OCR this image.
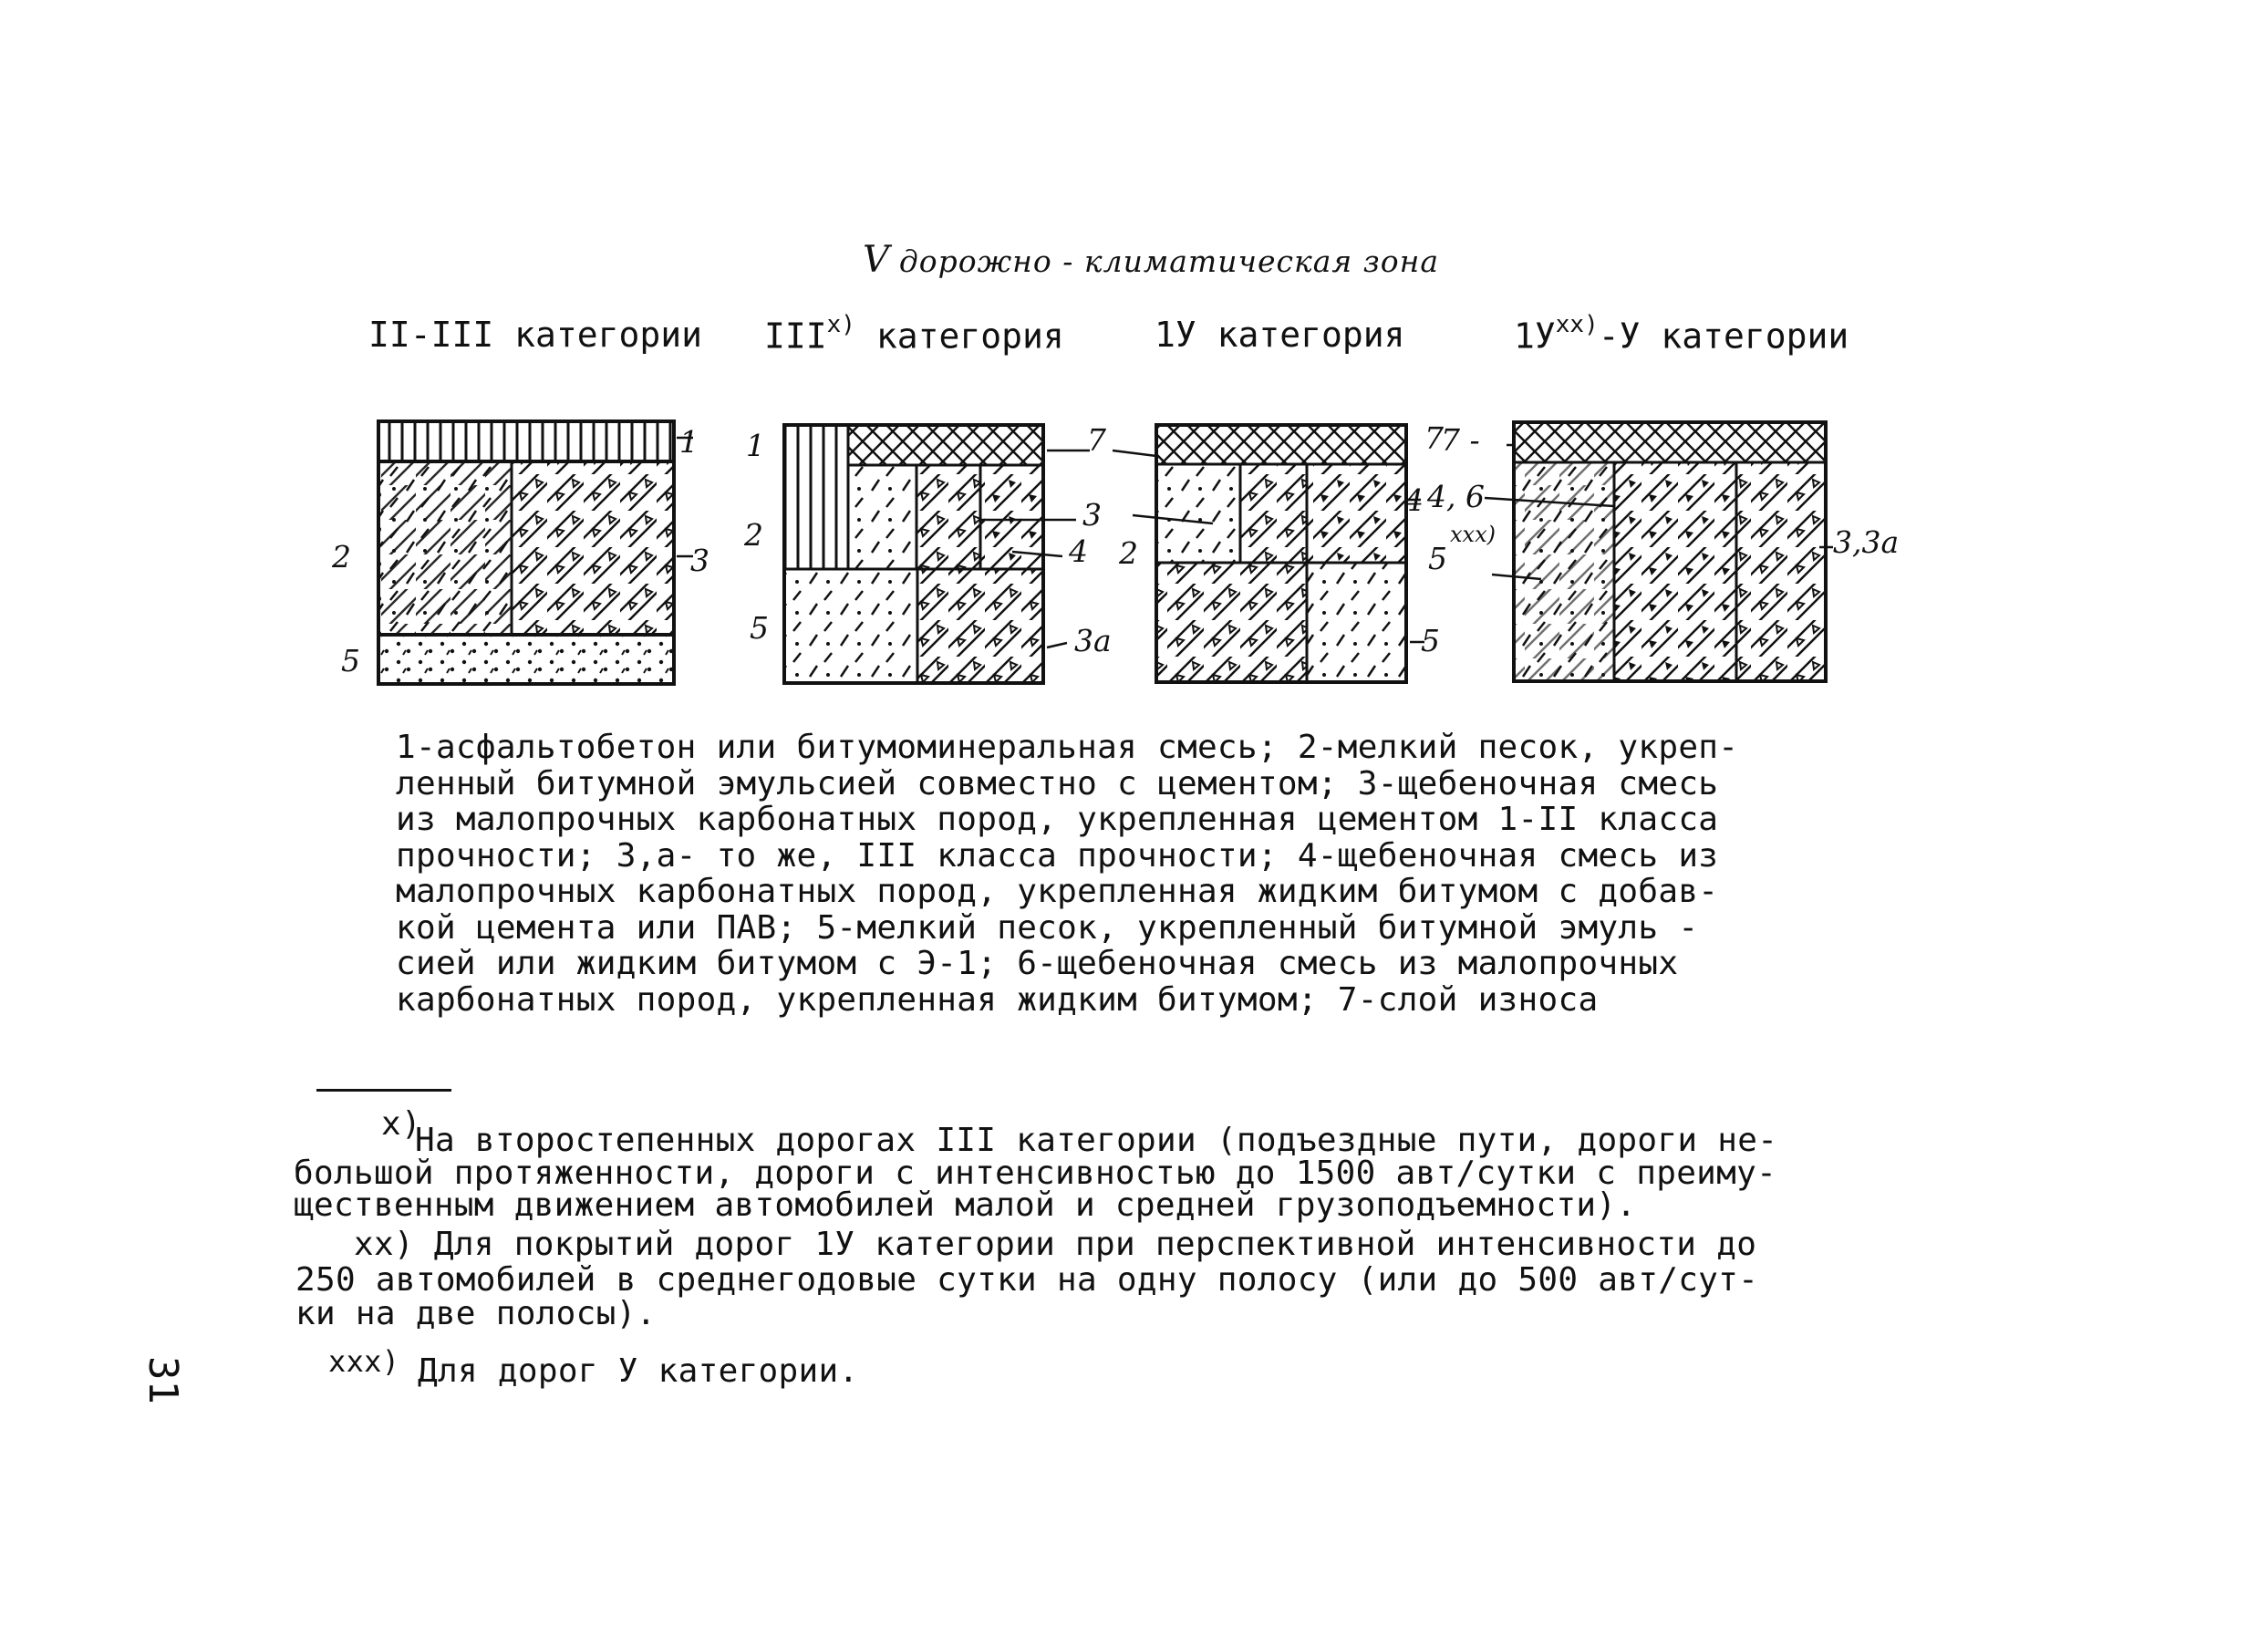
V дорожно - климатическая зона
II-III категории III$^{x)}$ категория	1У категория	$1У^{xx)}-У$ категории
1
2	3
5
1
2
5
7
3
4
3а
7
4
2
5
7 -
4, 6
5
xxx)	3,3а
1-асфальтобетон или битумоминеральная смесь; 2-мелкий песок, укреп-
ленный битумной эмульсией совместно с цементом; 3-щебеночная смесь
из малопрочных карбонатных пород, укрепленная цементом 1-II класса
прочности; 3,а- то же, III класса прочности; 4-щебеночная смесь из
малопрочных карбонатных пород, укрепленная жидким битумом с добав-
кой цемента или ПАВ; 5-мелкий песок, укрепленный битумной эмуль -
сией или жидким битумом с Э-1; 6-щебеночная смесь из малопрочных
карбонатных пород, укрепленная жидким битумом; 7-слой износа
x)
На второстепенных дорогах III категории (подъездные пути, дороги не-
большой протяженности, дороги с интенсивностью до 1500 авт/сутки с преиму-
щественным движением автомобилей малой и средней грузоподъемности).
xx) Для покрытий дорог 1У категории при перспективной интенсивности до
250 автомобилей в среднегодовые сутки на одну полосу (или до 500 авт/сут-
ки на две полосы).
xxx) Для дорог У категории.
31
